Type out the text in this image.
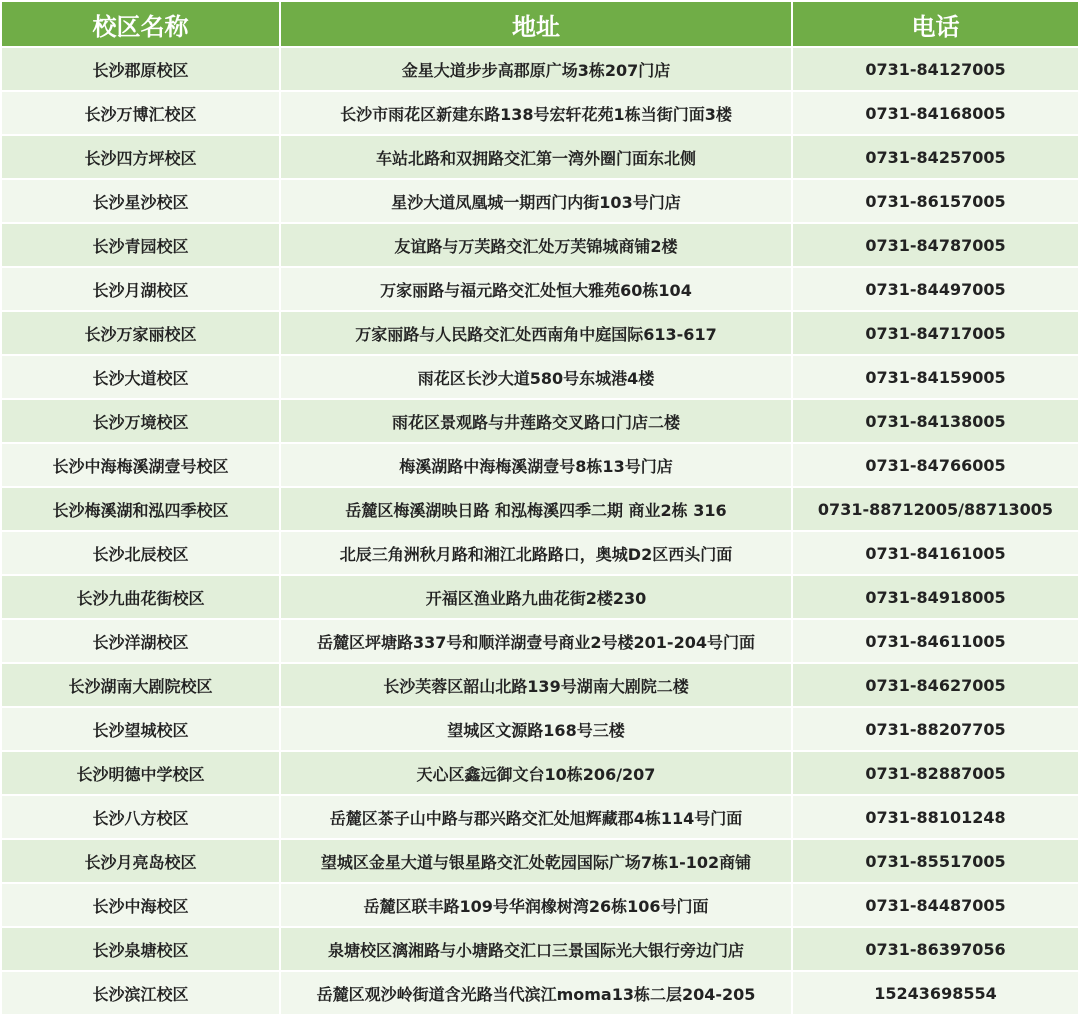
校区名称	地址	电话
长沙郡原校区	金星大道步步高郡原广场3栋207门店	0731-84127005
长沙万博汇校区	长沙市雨花区新建东路138号宏轩花苑1栋当街门面3楼	0731-84168005
长沙四方坪校区	车站北路和双拥路交汇第一湾外圈门面东北侧	0731-84257005
长沙星沙校区	星沙大道凤凰城一期西门内街103号门店	0731-86157005
长沙青园校区	友谊路与万芙路交汇处万芙锦城商铺2楼	0731-84787005
长沙月湖校区	万家丽路与福元路交汇处恒大雅苑60栋104	0731-84497005
长沙万家丽校区	万家丽路与人民路交汇处西南角中庭国际613-617	0731-84717005
长沙大道校区	雨花区长沙大道580号东城港4楼	0731-84159005
长沙万境校区	雨花区景观路与井莲路交叉路口门店二楼	0731-84138005
长沙中海梅溪湖壹号校区	梅溪湖路中海梅溪湖壹号8栋13号门店	0731-84766005
长沙梅溪湖和泓四季校区	岳麓区梅溪湖映日路 和泓梅溪四季二期 商业2栋 316	0731-88712005/88713005
长沙北辰校区	北辰三角洲秋月路和湘江北路路口，奥城D2区西头门面	0731-84161005
长沙九曲花街校区	开福区渔业路九曲花街2楼230	0731-84918005
长沙洋湖校区	岳麓区坪塘路337号和顺洋湖壹号商业2号楼201-204号门面	0731-84611005
长沙湖南大剧院校区	长沙芙蓉区韶山北路139号湖南大剧院二楼	0731-84627005
长沙望城校区	望城区文源路168号三楼	0731-88207705
长沙明德中学校区	天心区鑫远御文台10栋206/207	0731-82887005
长沙八方校区	岳麓区茶子山中路与郡兴路交汇处旭辉藏郡4栋114号门面	0731-88101248
长沙月亮岛校区	望城区金星大道与银星路交汇处乾园国际广场7栋1-102商铺	0731-85517005
长沙中海校区	岳麓区联丰路109号华润橡树湾26栋106号门面	0731-84487005
长沙泉塘校区	泉塘校区漓湘路与小塘路交汇口三景国际光大银行旁边门店	0731-86397056
长沙滨江校区	岳麓区观沙岭街道含光路当代滨江moma13栋二层204-205	15243698554
